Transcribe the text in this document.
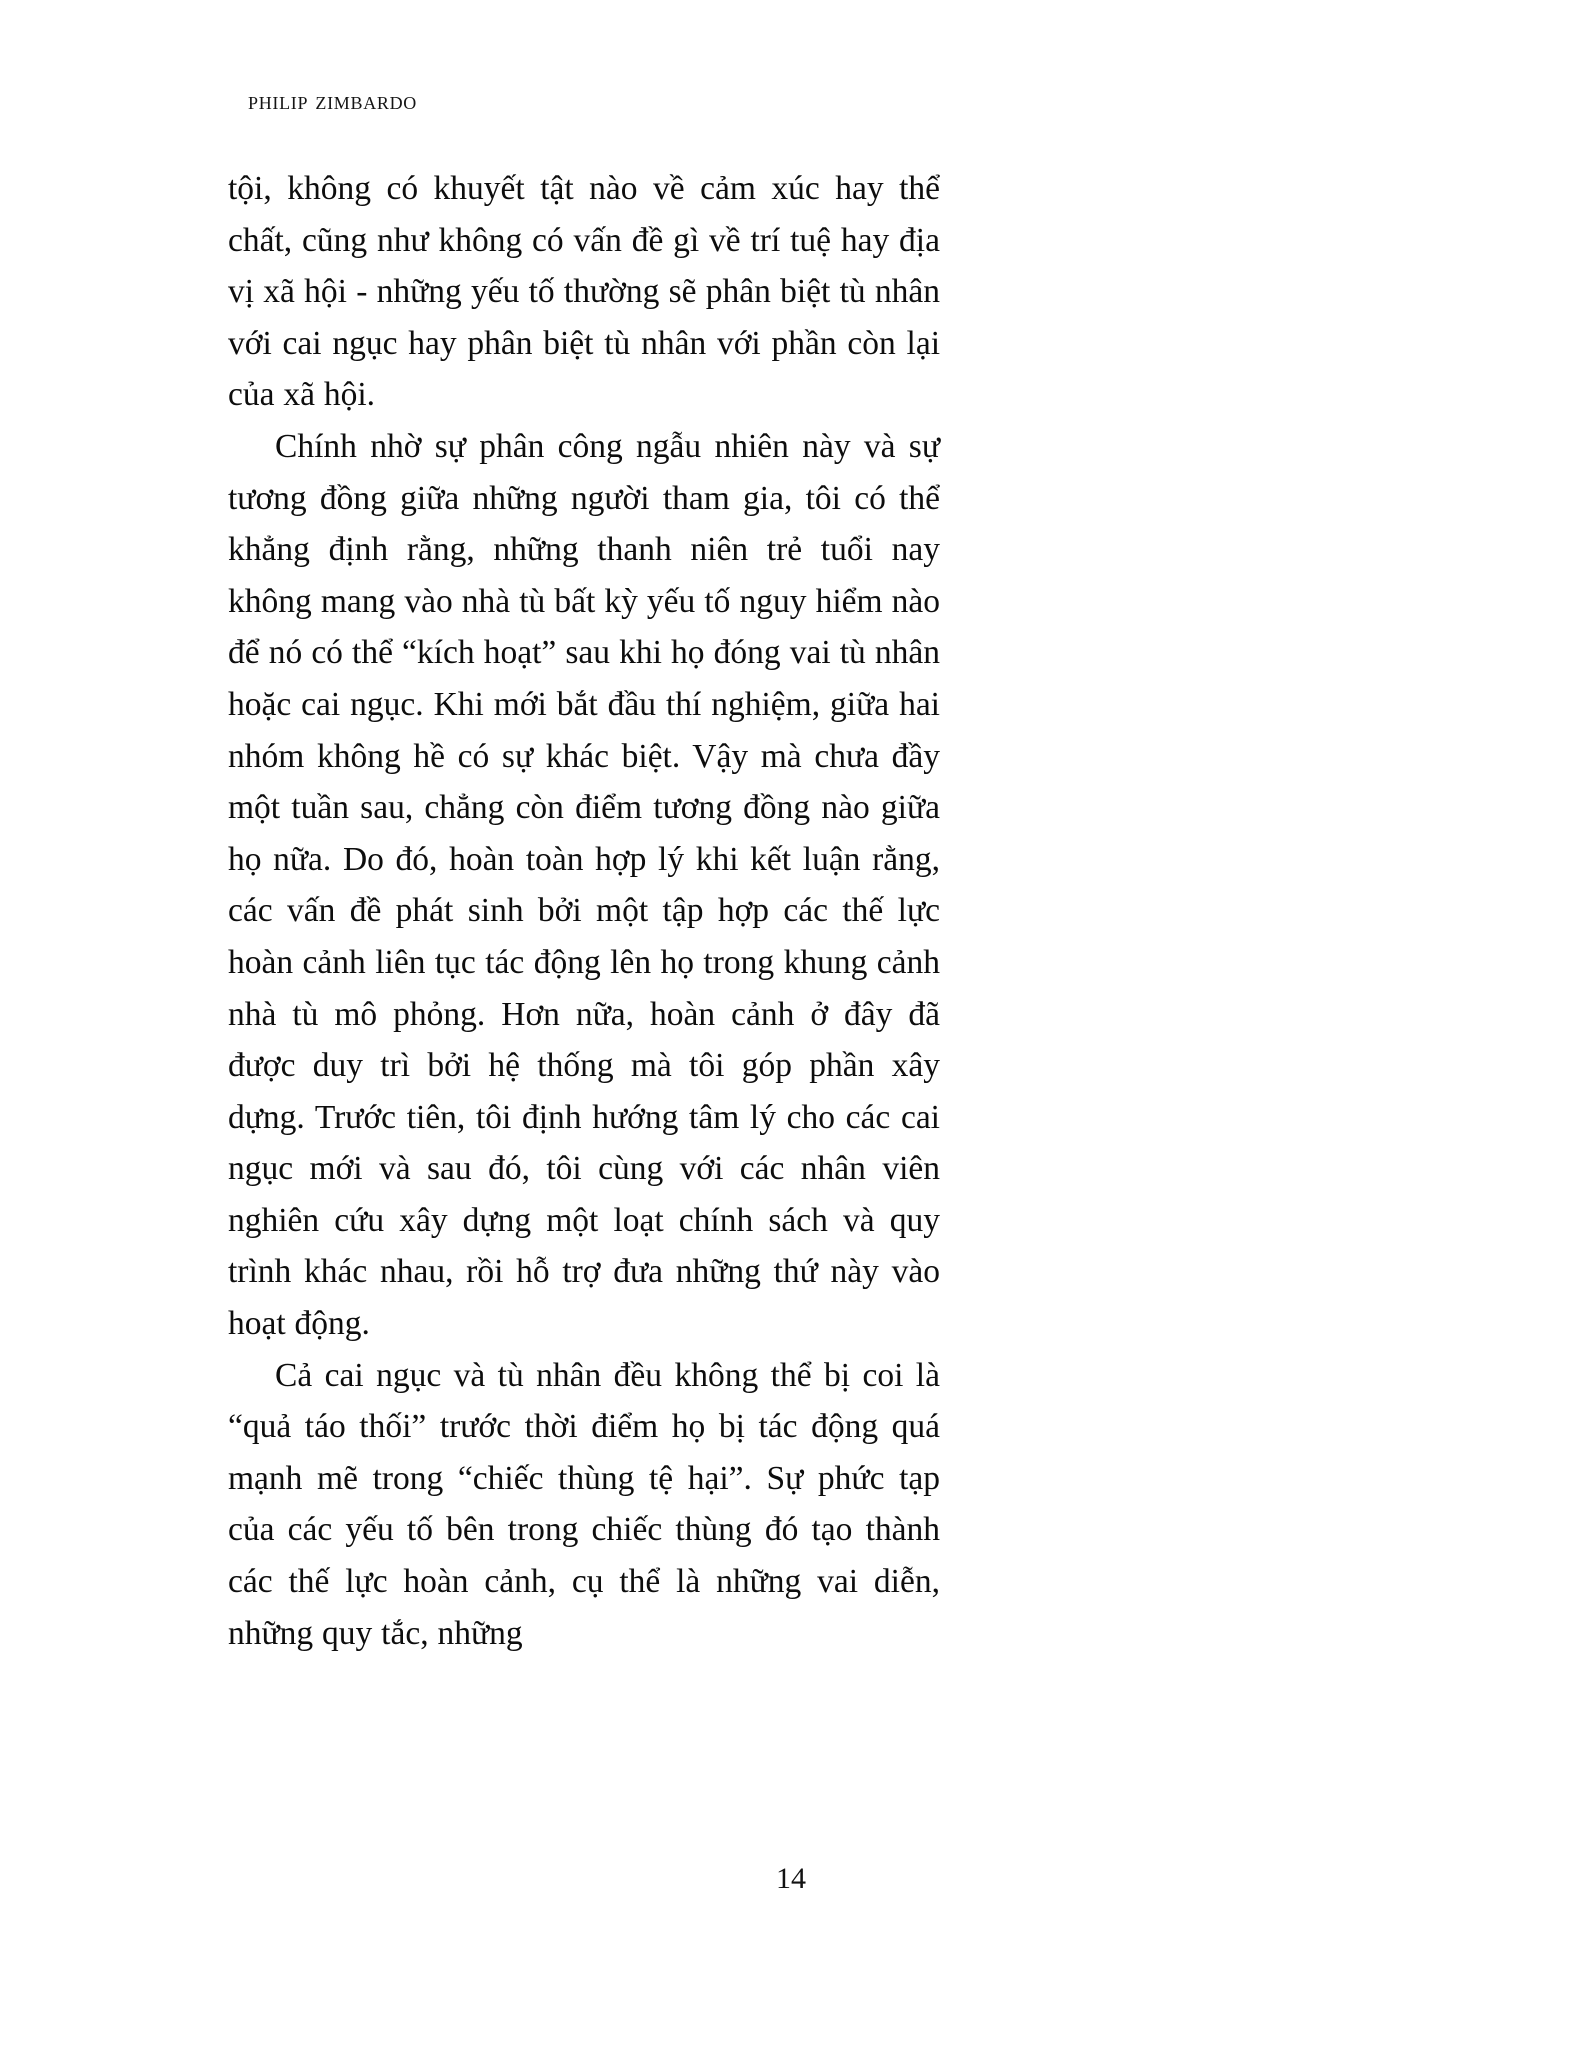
philip zimbardo

tội, không có khuyết tật nào về cảm xúc hay thể chất, cũng như không có vấn đề gì về trí tuệ hay địa vị xã hội - những yếu tố thường sẽ phân biệt tù nhân với cai ngục hay phân biệt tù nhân với phần còn lại của xã hội.

Chính nhờ sự phân công ngẫu nhiên này và sự tương đồng giữa những người tham gia, tôi có thể khẳng định rằng, những thanh niên trẻ tuổi nay không mang vào nhà tù bất kỳ yếu tố nguy hiểm nào để nó có thể “kích hoạt” sau khi họ đóng vai tù nhân hoặc cai ngục. Khi mới bắt đầu thí nghiệm, giữa hai nhóm không hề có sự khác biệt. Vậy mà chưa đầy một tuần sau, chẳng còn điểm tương đồng nào giữa họ nữa. Do đó, hoàn toàn hợp lý khi kết luận rằng, các vấn đề phát sinh bởi một tập hợp các thế lực hoàn cảnh liên tục tác động lên họ trong khung cảnh nhà tù mô phỏng. Hơn nữa, hoàn cảnh ở đây đã được duy trì bởi hệ thống mà tôi góp phần xây dựng. Trước tiên, tôi định hướng tâm lý cho các cai ngục mới và sau đó, tôi cùng với các nhân viên nghiên cứu xây dựng một loạt chính sách và quy trình khác nhau, rồi hỗ trợ đưa những thứ này vào hoạt động.

Cả cai ngục và tù nhân đều không thể bị coi là “quả táo thối” trước thời điểm họ bị tác động quá mạnh mẽ trong “chiếc thùng tệ hại”. Sự phức tạp của các yếu tố bên trong chiếc thùng đó tạo thành các thế lực hoàn cảnh, cụ thể là những vai diễn, những quy tắc, những

14
